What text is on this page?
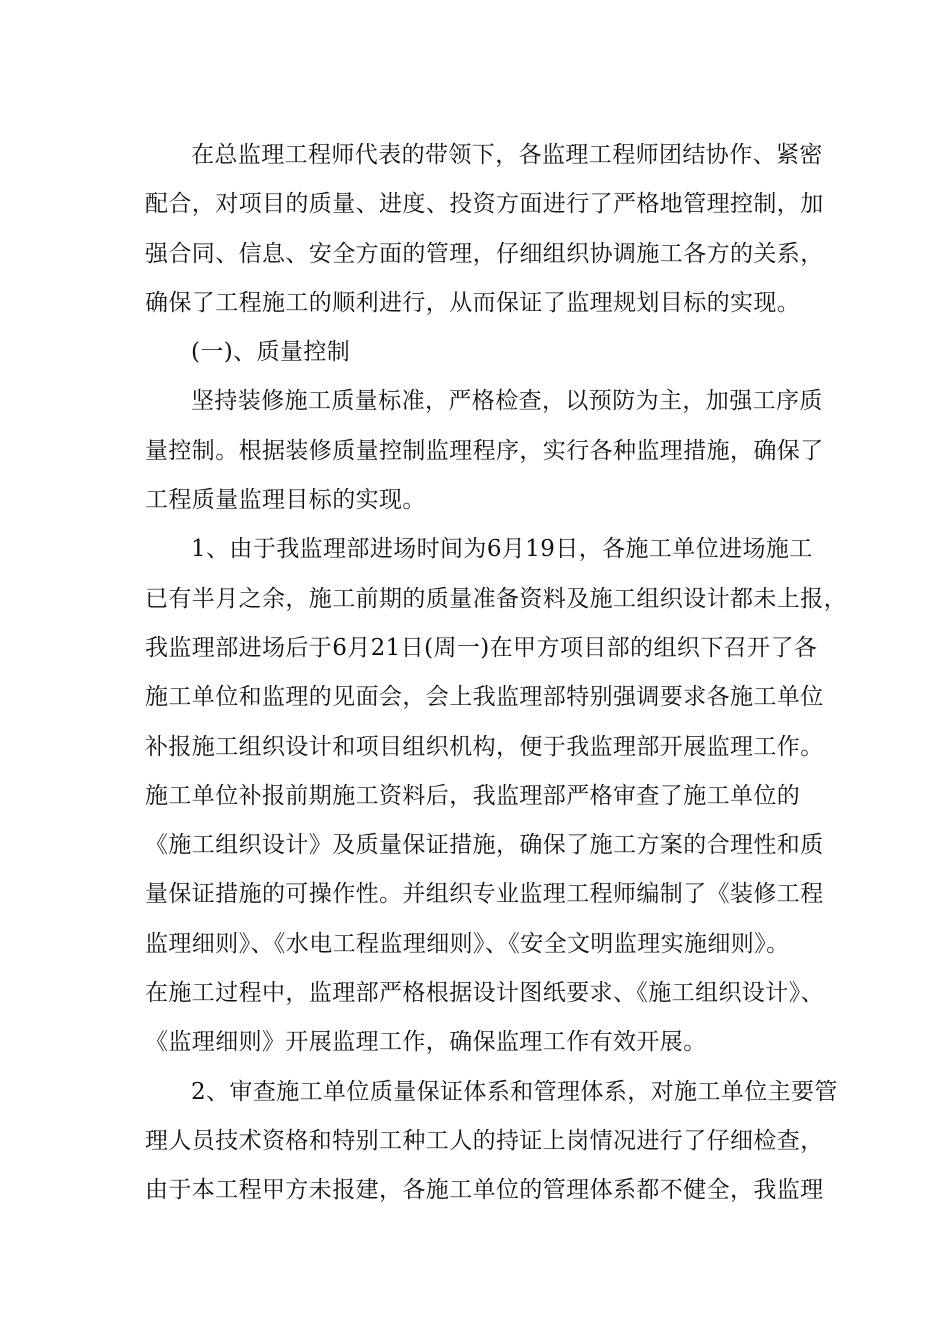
在总监理工程师代表的带领下，各监理工程师团结协作、紧密
配合，对项目的质量、进度、投资方面进行了严格地管理控制，加
强合同、信息、安全方面的管理，仔细组织协调施工各方的关系，
确保了工程施工的顺利进行，从而保证了监理规划目标的实现。
(一)、质量控制
坚持装修施工质量标准，严格检查，以预防为主，加强工序质
量控制。根据装修质量控制监理程序，实行各种监理措施，确保了
工程质量监理目标的实现。
1、由于我监理部进场时间为6月19日，各施工单位进场施工
已有半月之余，施工前期的质量准备资料及施工组织设计都未上报，
我监理部进场后于6月21日(周一)在甲方项目部的组织下召开了各
施工单位和监理的见面会，会上我监理部特别强调要求各施工单位
补报施工组织设计和项目组织机构，便于我监理部开展监理工作。
施工单位补报前期施工资料后，我监理部严格审查了施工单位的
《施工组织设计》及质量保证措施，确保了施工方案的合理性和质
量保证措施的可操作性。并组织专业监理工程师编制了《装修工程
监理细则》、《水电工程监理细则》、《安全文明监理实施细则》。
在施工过程中，监理部严格根据设计图纸要求、《施工组织设计》、
《监理细则》开展监理工作，确保监理工作有效开展。
2、审查施工单位质量保证体系和管理体系，对施工单位主要管
理人员技术资格和特别工种工人的持证上岗情况进行了仔细检查，
由于本工程甲方未报建，各施工单位的管理体系都不健全，我监理
